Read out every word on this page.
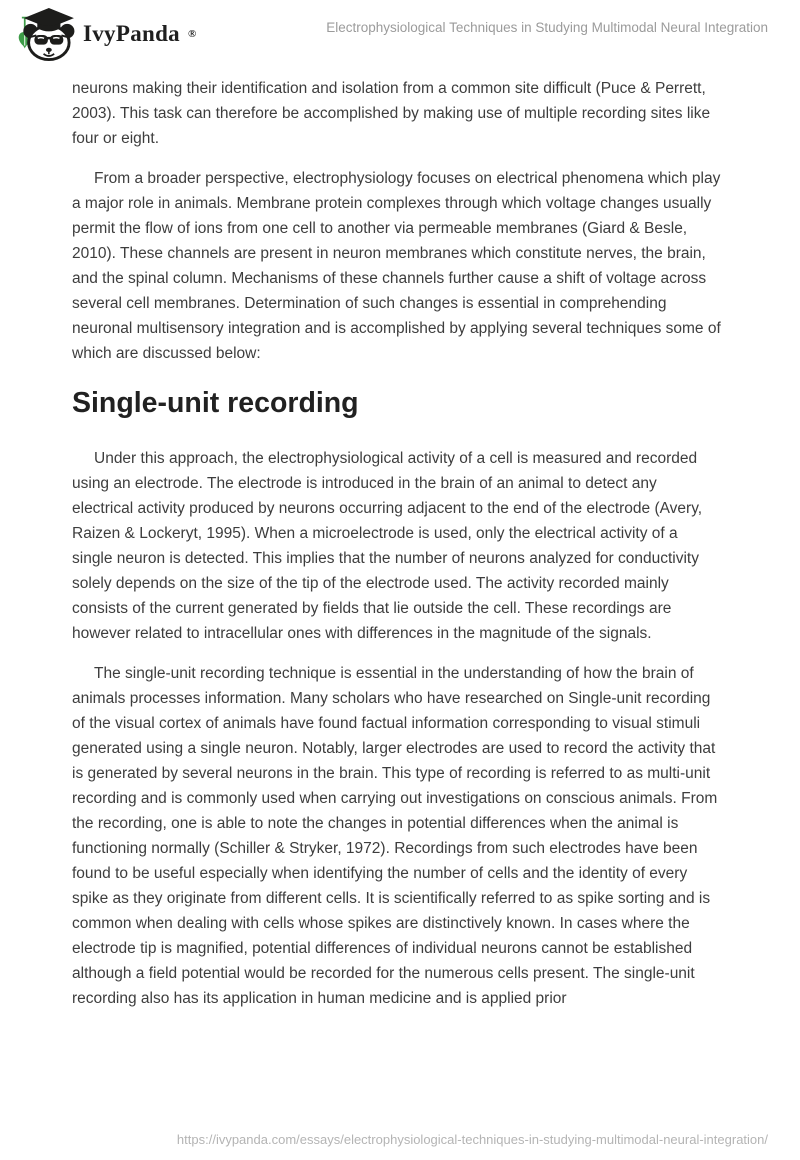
IvyPanda ®	Electrophysiological Techniques in Studying Multimodal Neural Integration

neurons making their identification and isolation from a common site difficult (Puce & Perrett, 2003). This task can therefore be accomplished by making use of multiple recording sites like four or eight.

From a broader perspective, electrophysiology focuses on electrical phenomena which play a major role in animals. Membrane protein complexes through which voltage changes usually permit the flow of ions from one cell to another via permeable membranes (Giard & Besle, 2010). These channels are present in neuron membranes which constitute nerves, the brain, and the spinal column. Mechanisms of these channels further cause a shift of voltage across several cell membranes. Determination of such changes is essential in comprehending neuronal multisensory integration and is accomplished by applying several techniques some of which are discussed below:

Single-unit recording

Under this approach, the electrophysiological activity of a cell is measured and recorded using an electrode. The electrode is introduced in the brain of an animal to detect any electrical activity produced by neurons occurring adjacent to the end of the electrode (Avery, Raizen & Lockeryt, 1995). When a microelectrode is used, only the electrical activity of a single neuron is detected. This implies that the number of neurons analyzed for conductivity solely depends on the size of the tip of the electrode used. The activity recorded mainly consists of the current generated by fields that lie outside the cell. These recordings are however related to intracellular ones with differences in the magnitude of the signals.

The single-unit recording technique is essential in the understanding of how the brain of animals processes information. Many scholars who have researched on Single-unit recording of the visual cortex of animals have found factual information corresponding to visual stimuli generated using a single neuron. Notably, larger electrodes are used to record the activity that is generated by several neurons in the brain. This type of recording is referred to as multi-unit recording and is commonly used when carrying out investigations on conscious animals. From the recording, one is able to note the changes in potential differences when the animal is functioning normally (Schiller & Stryker, 1972). Recordings from such electrodes have been found to be useful especially when identifying the number of cells and the identity of every spike as they originate from different cells. It is scientifically referred to as spike sorting and is common when dealing with cells whose spikes are distinctively known. In cases where the electrode tip is magnified, potential differences of individual neurons cannot be established although a field potential would be recorded for the numerous cells present. The single-unit recording also has its application in human medicine and is applied prior

https://ivypanda.com/essays/electrophysiological-techniques-in-studying-multimodal-neural-integration/
